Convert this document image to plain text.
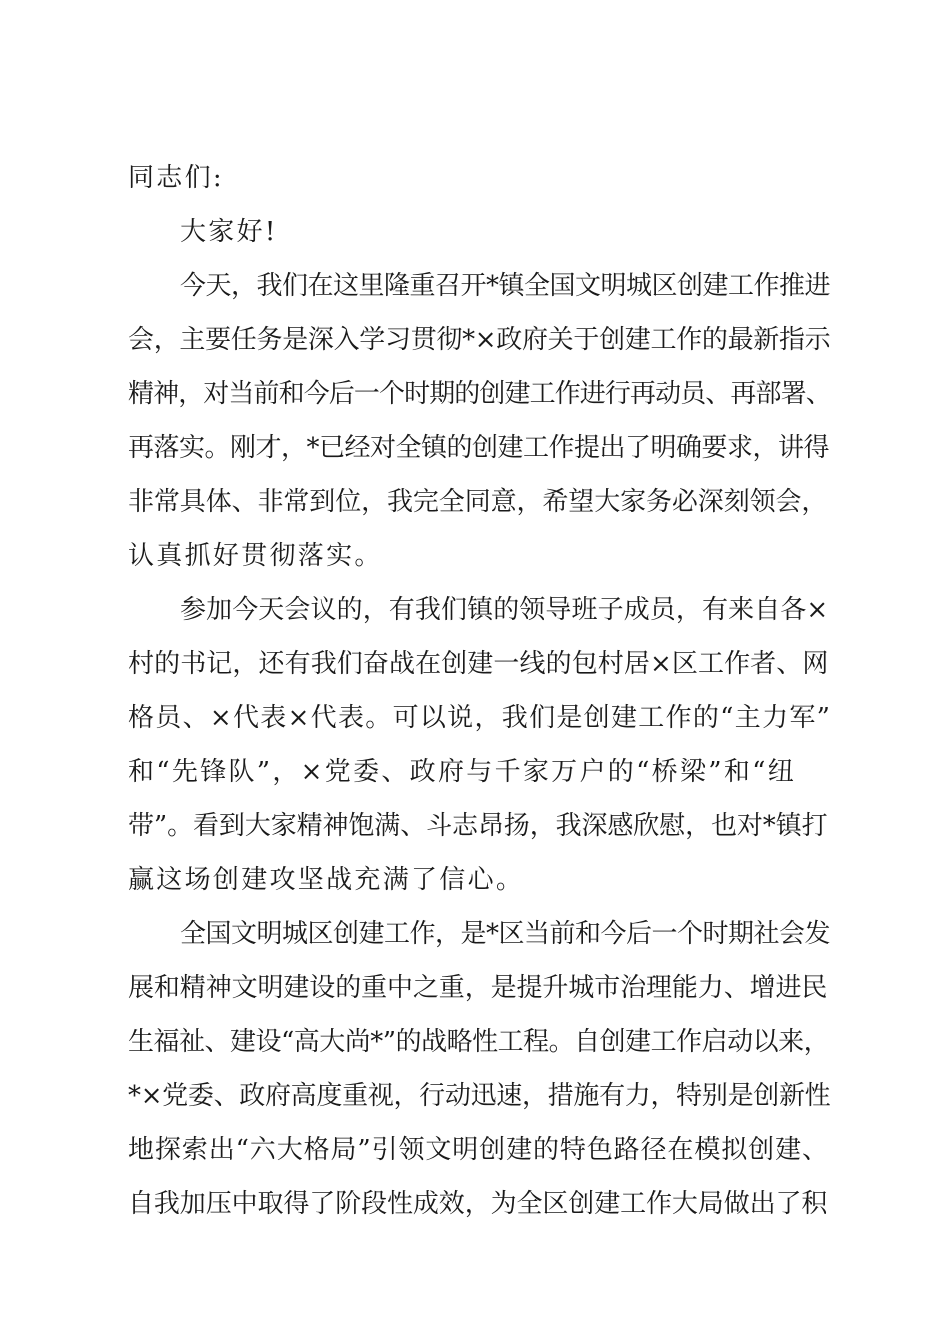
同志们:
大家好!
今天，我们在这里隆重召开*镇全国文明城区创建工作推进
会，主要任务是深入学习贯彻*×政府关于创建工作的最新指示
精神，对当前和今后一个时期的创建工作进行再动员、再部署、
再落实。刚才，*已经对全镇的创建工作提出了明确要求，讲得
非常具体、非常到位，我完全同意，希望大家务必深刻领会，
认真抓好贯彻落实。
参加今天会议的，有我们镇的领导班子成员，有来自各×
村的书记，还有我们奋战在创建一线的包村居×区工作者、网
格员、×代表×代表。可以说，我们是创建工作的“主力军”
和“先锋队”，×党委、政府与千家万户的“桥梁”和“纽
带”。看到大家精神饱满、斗志昂扬，我深感欣慰，也对*镇打
赢这场创建攻坚战充满了信心。
全国文明城区创建工作，是*区当前和今后一个时期社会发
展和精神文明建设的重中之重，是提升城市治理能力、增进民
生福祉、建设“高大尚*”的战略性工程。自创建工作启动以来，
*×党委、政府高度重视，行动迅速，措施有力，特别是创新性
地探索出“六大格局”引领文明创建的特色路径在模拟创建、
自我加压中取得了阶段性成效，为全区创建工作大局做出了积
